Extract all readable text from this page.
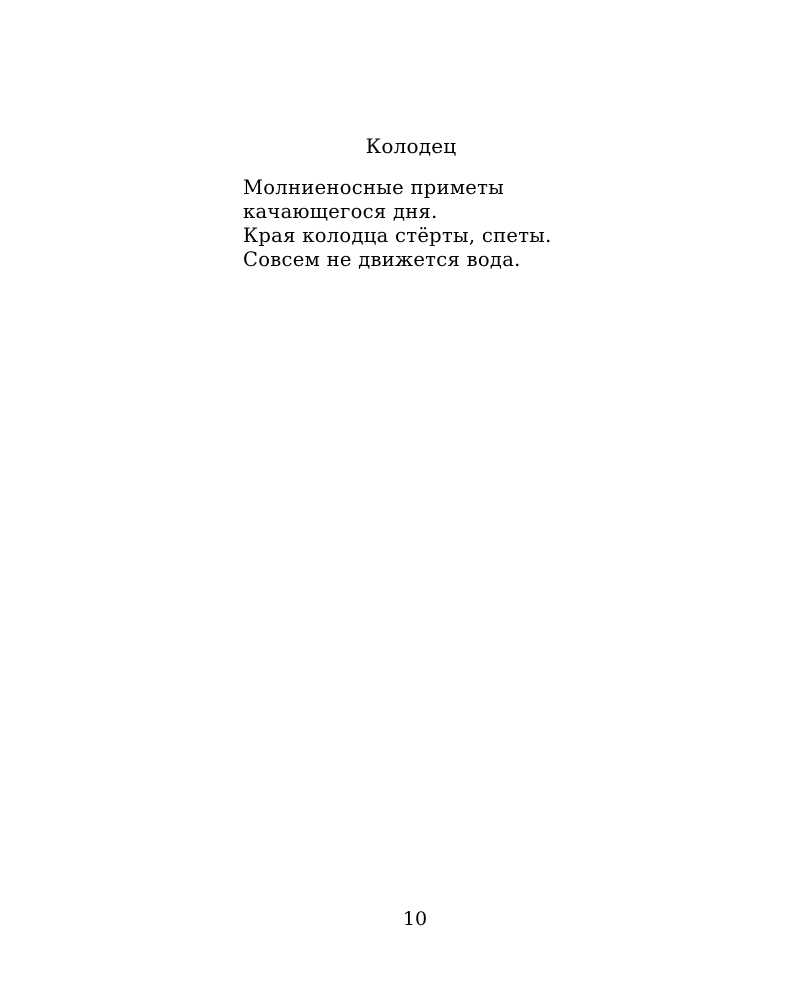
Колодец
Молниеносные приметы
качающегося дня.
Края колодца стёрты, спеты.
Совсем не движется вода.
10
